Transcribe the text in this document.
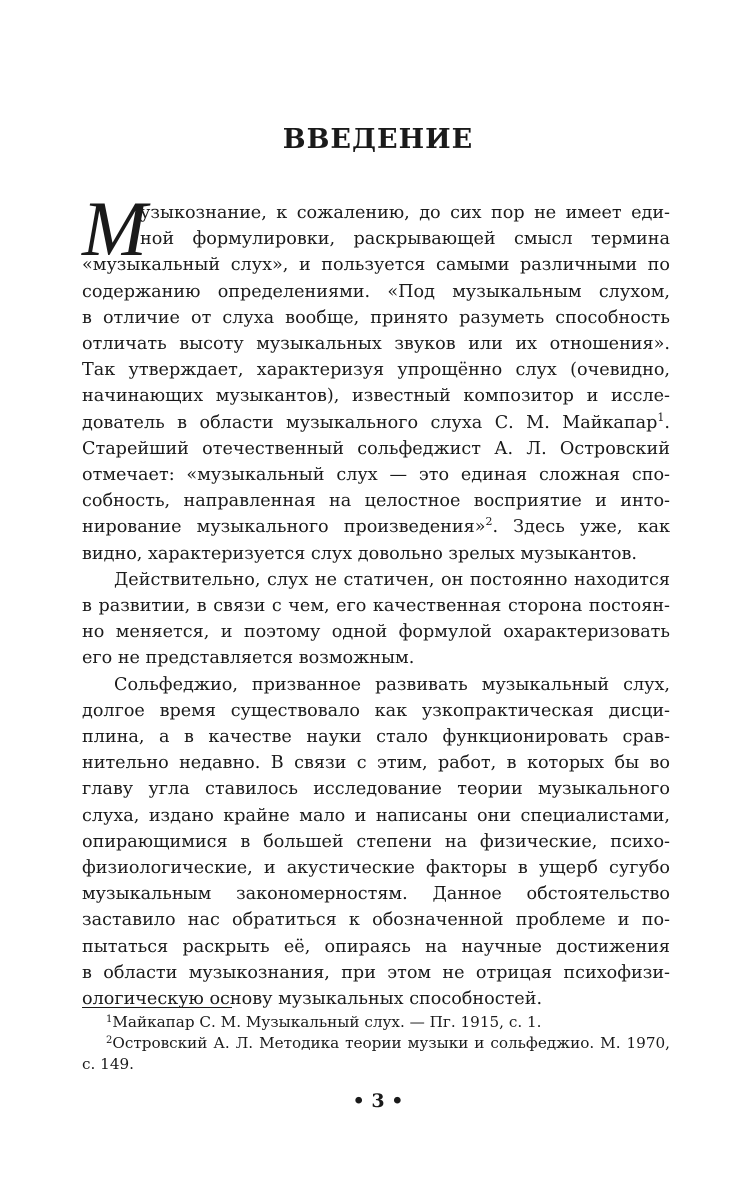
ВВЕДЕНИЕ
М
узыкознание, к сожалению, до сих пор не имеет еди-
ной формулировки, раскрывающей смысл термина
«музыкальный слух», и пользуется самыми различными по
содержанию определениями. «Под музыкальным слухом,
в отличие от слуха вообще, принято разуметь способность
отличать высоту музыкальных звуков или их отношения».
Так утверждает, характеризуя упрощённо слух (очевидно,
начинающих музыкантов), известный композитор и иссле-
дователь в области музыкального слуха С. М. Майкапар$^1$.
Старейший отечественный сольфеджист А. Л. Островский
отмечает: «музыкальный слух — это единая сложная спо-
собность, направленная на целостное восприятие и инто-
нирование музыкального произведения»$^2$. Здесь уже, как
видно, характеризуется слух довольно зрелых музыкантов.
Действительно, слух не статичен, он постоянно находится
в развитии, в связи с чем, его качественная сторона постоян-
но меняется, и поэтому одной формулой охарактеризовать
его не представляется возможным.
Сольфеджио, призванное развивать музыкальный слух,
долгое время существовало как узкопрактическая дисци-
плина, а в качестве науки стало функционировать срав-
нительно недавно. В связи с этим, работ, в которых бы во
главу угла ставилось исследование теории музыкального
слуха, издано крайне мало и написаны они специалистами,
опирающимися в большей степени на физические, психо-
физиологические, и акустические факторы в ущерб сугубо
музыкальным закономерностям. Данное обстоятельство
заставило нас обратиться к обозначенной проблеме и по-
пытаться раскрыть её, опираясь на научные достижения
в области музыкознания, при этом не отрицая психофизи-
ологическую основу музыкальных способностей.
$^1$Майкапар С. М. Музыкальный слух. — Пг. 1915, с. 1.
$^2$Островский А. Л. Методика теории музыки и сольфеджио. М. 1970,
с. 149.
• 3 •
